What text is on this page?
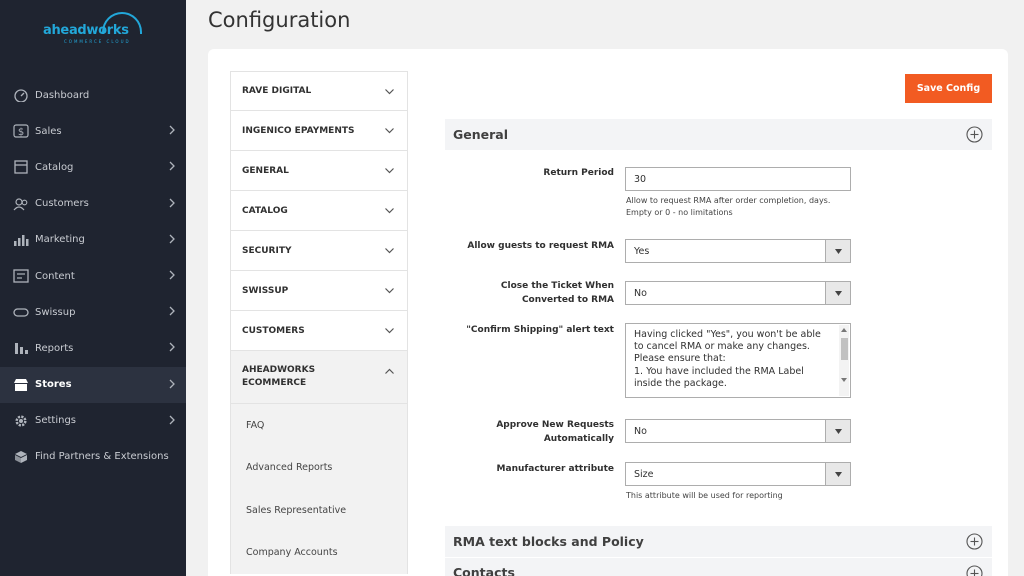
aheadworks
COMMERCE CLOUD
Dashboard
$ Sales
Catalog
Customers
Marketing
Content
Swissup
Reports
Stores
Settings
Find Partners & Extensions
Configuration
RAVE DIGITAL
INGENICO EPAYMENTS
GENERAL
CATALOG
SECURITY
SWISSUP
CUSTOMERS
AHEADWORKS
ECOMMERCE
FAQ
Advanced Reports
Sales Representative
Company Accounts
Save Config
General
Return Period
30
Allow to request RMA after order completion, days.
Empty or 0 - no limitations
Allow guests to request RMA Yes
Close the Ticket When
Converted to RMA
No
"Confirm Shipping" alert text Having clicked "Yes", you won't be able to cancel RMA or make any changes.
Please ensure that:
1. You have included the RMA Label inside the package.
Approve New Requests
Automatically
No
Manufacturer attribute Size
This attribute will be used for reporting
RMA text blocks and Policy
Contacts
